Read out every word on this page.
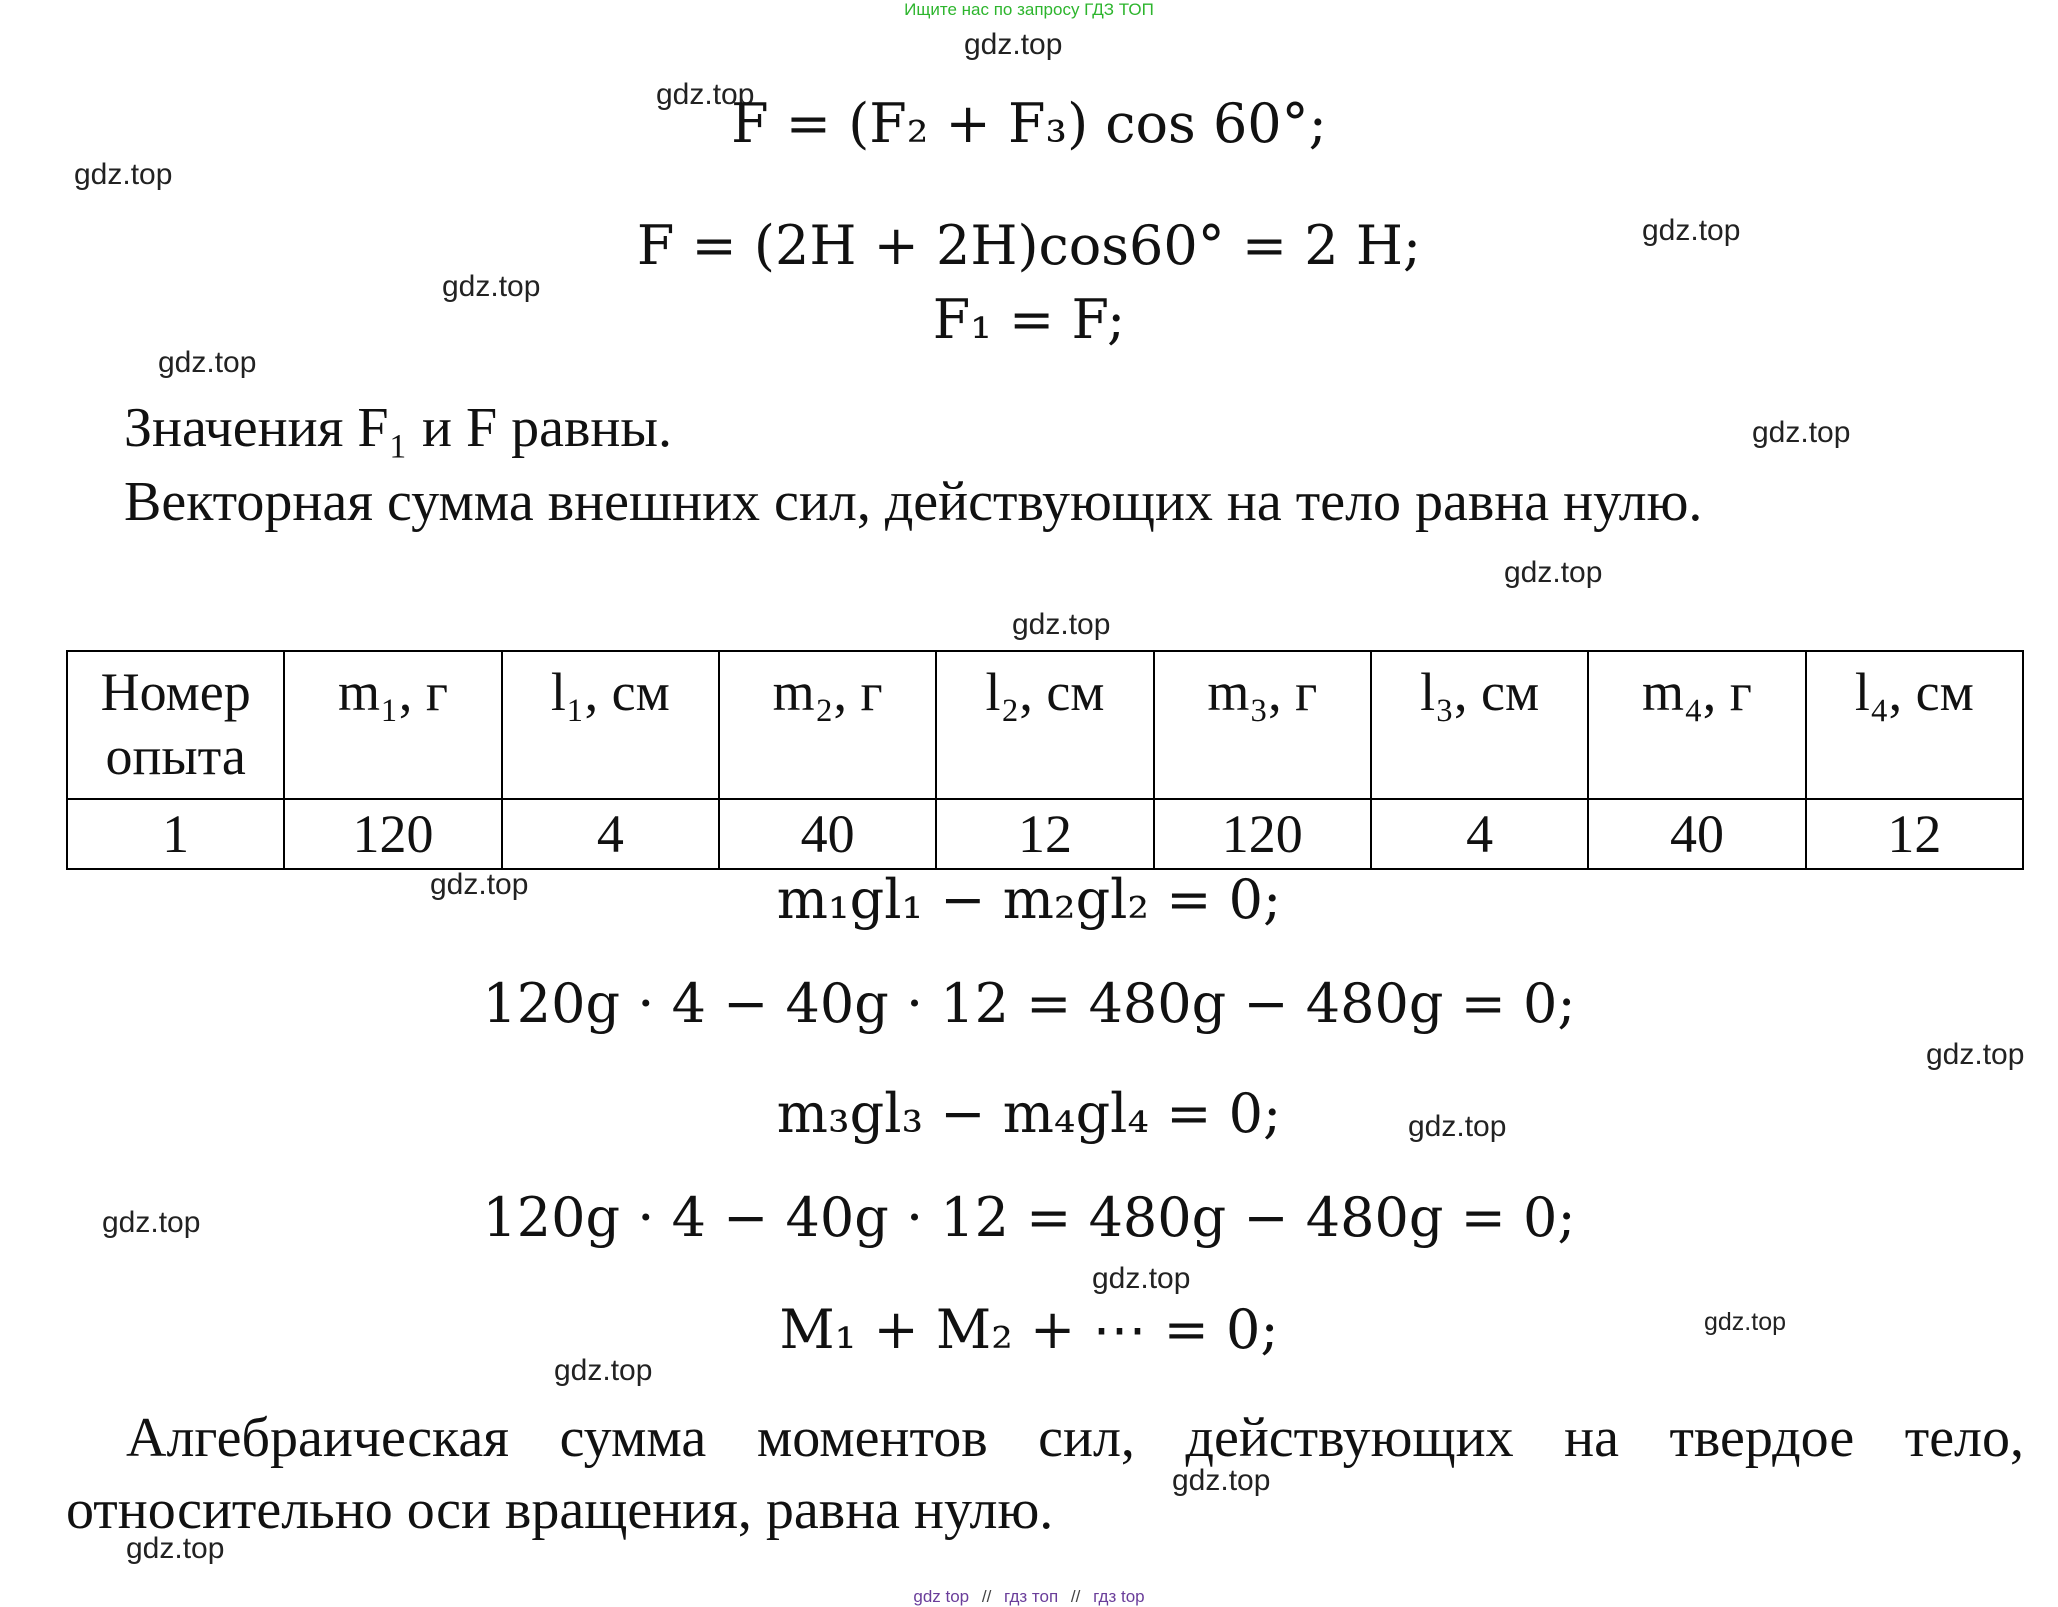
Ищите нас по запросу ГДЗ ТОП
gdz.top
gdz.top
gdz.top
gdz.top
gdz.top
gdz.top
gdz.top
gdz.top
gdz.top
gdz.top
gdz.top
gdz.top
gdz.top
gdz.top
gdz.top
gdz.top
gdz.top
gdz.top
F = (F₂ + F₃) cos 60°;
F = (2H + 2H)cos60° = 2 H;
F₁ = F;
Значения F₁ и F равны.
Векторная сумма внешних сил, действующих на тело равна нулю.
Номер опыта	m₁, г	l₁, см	m₂, г	l₂, см	m₃, г	l₃, см	m₄, г	l₄, см
1	120	4	40	12	120	4	40	12
m₁gl₁ − m₂gl₂ = 0;
120g · 4 − 40g · 12 = 480g − 480g = 0;
m₃gl₃ − m₄gl₄ = 0;
120g · 4 − 40g · 12 = 480g − 480g = 0;
M₁ + M₂ + ⋯ = 0;
Алгебраическая сумма моментов сил, действующих на твердое тело,
относительно оси вращения, равна нулю.
gdz top // гдз топ // гдз top
